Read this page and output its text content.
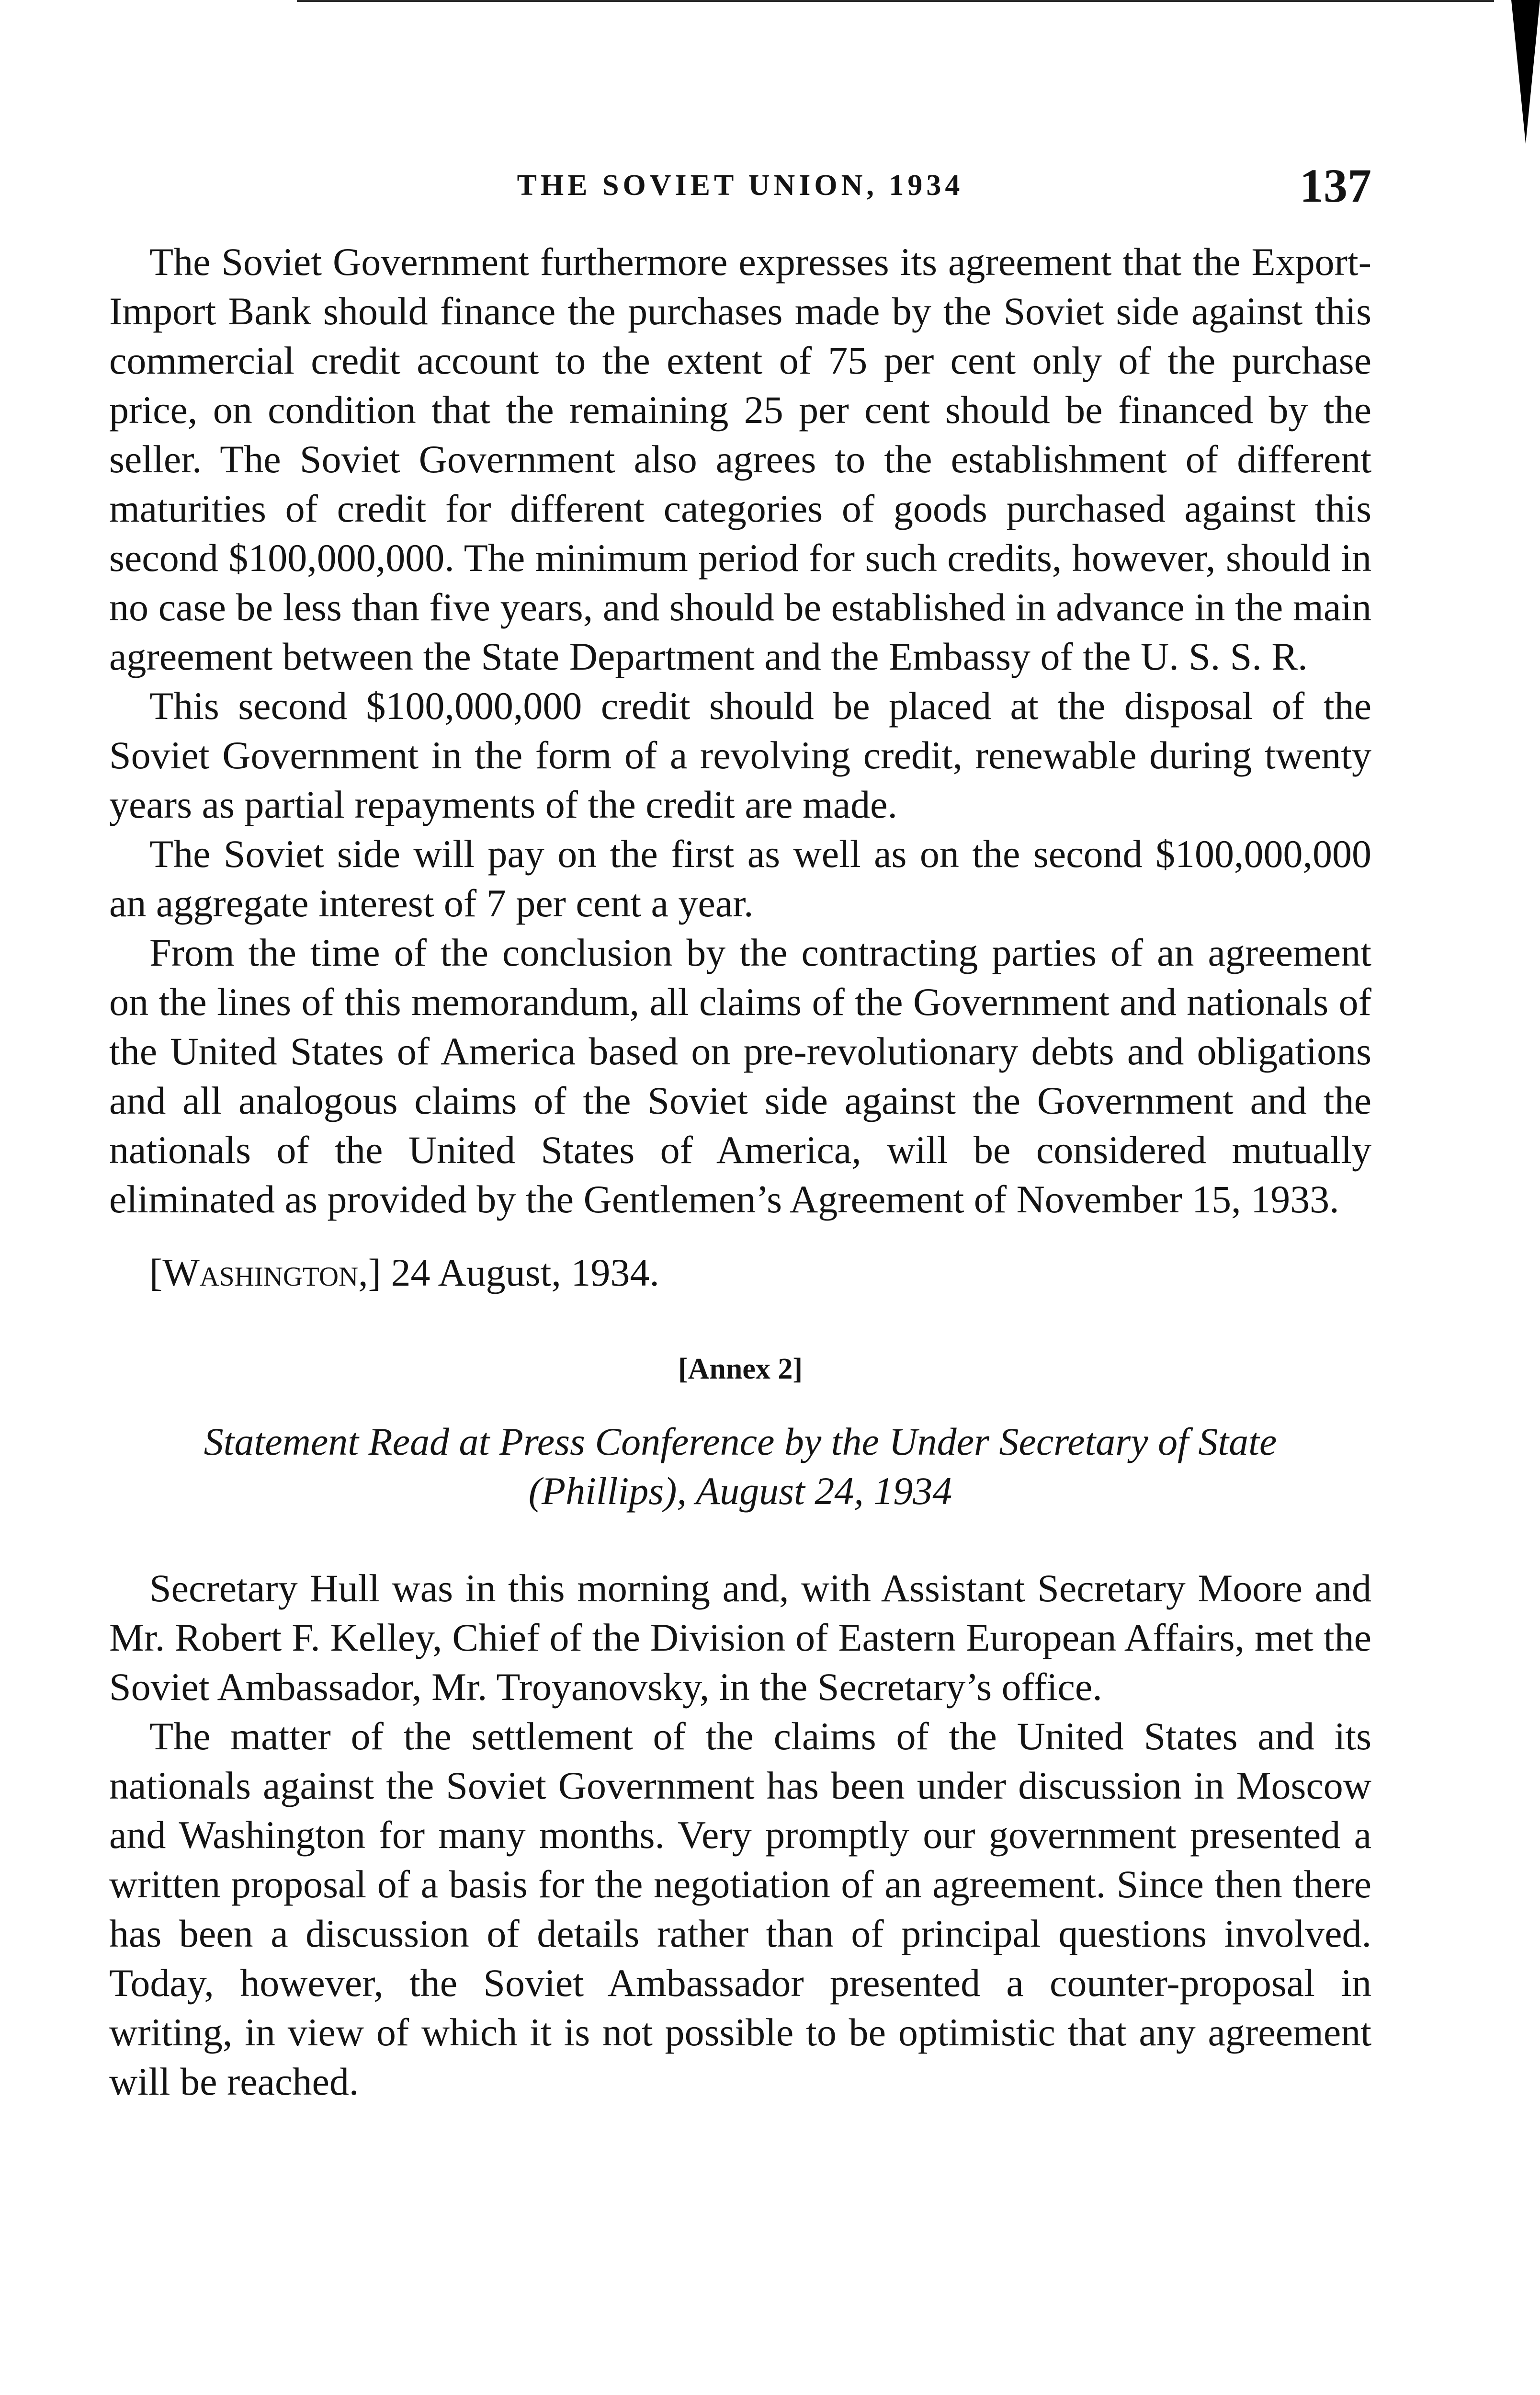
THE SOVIET UNION, 1934	137

The Soviet Government furthermore expresses its agreement that the Export-Import Bank should finance the purchases made by the Soviet side against this commercial credit account to the extent of 75 per cent only of the purchase price, on condition that the remaining 25 per cent should be financed by the seller. The Soviet Government also agrees to the establishment of different maturities of credit for different categories of goods purchased against this second $100,000,000. The minimum period for such credits, however, should in no case be less than five years, and should be established in advance in the main agreement between the State Department and the Embassy of the U. S. S. R.

This second $100,000,000 credit should be placed at the disposal of the Soviet Government in the form of a revolving credit, renewable during twenty years as partial repayments of the credit are made.

The Soviet side will pay on the first as well as on the second $100,000,000 an aggregate interest of 7 per cent a year.

From the time of the conclusion by the contracting parties of an agreement on the lines of this memorandum, all claims of the Government and nationals of the United States of America based on pre-revolutionary debts and obligations and all analogous claims of the Soviet side against the Government and the nationals of the United States of America, will be considered mutually eliminated as provided by the Gentlemen’s Agreement of November 15, 1933.

[Washington,] 24 August, 1934.

[Annex 2]
Statement Read at Press Conference by the Under Secretary of State
(Phillips), August 24, 1934

Secretary Hull was in this morning and, with Assistant Secretary Moore and Mr. Robert F. Kelley, Chief of the Division of Eastern European Affairs, met the Soviet Ambassador, Mr. Troyanovsky, in the Secretary’s office.

The matter of the settlement of the claims of the United States and its nationals against the Soviet Government has been under discussion in Moscow and Washington for many months. Very promptly our government presented a written proposal of a basis for the negotiation of an agreement. Since then there has been a discussion of details rather than of principal questions involved. Today, however, the Soviet Ambassador presented a counter-proposal in writing, in view of which it is not possible to be optimistic that any agreement will be reached.
